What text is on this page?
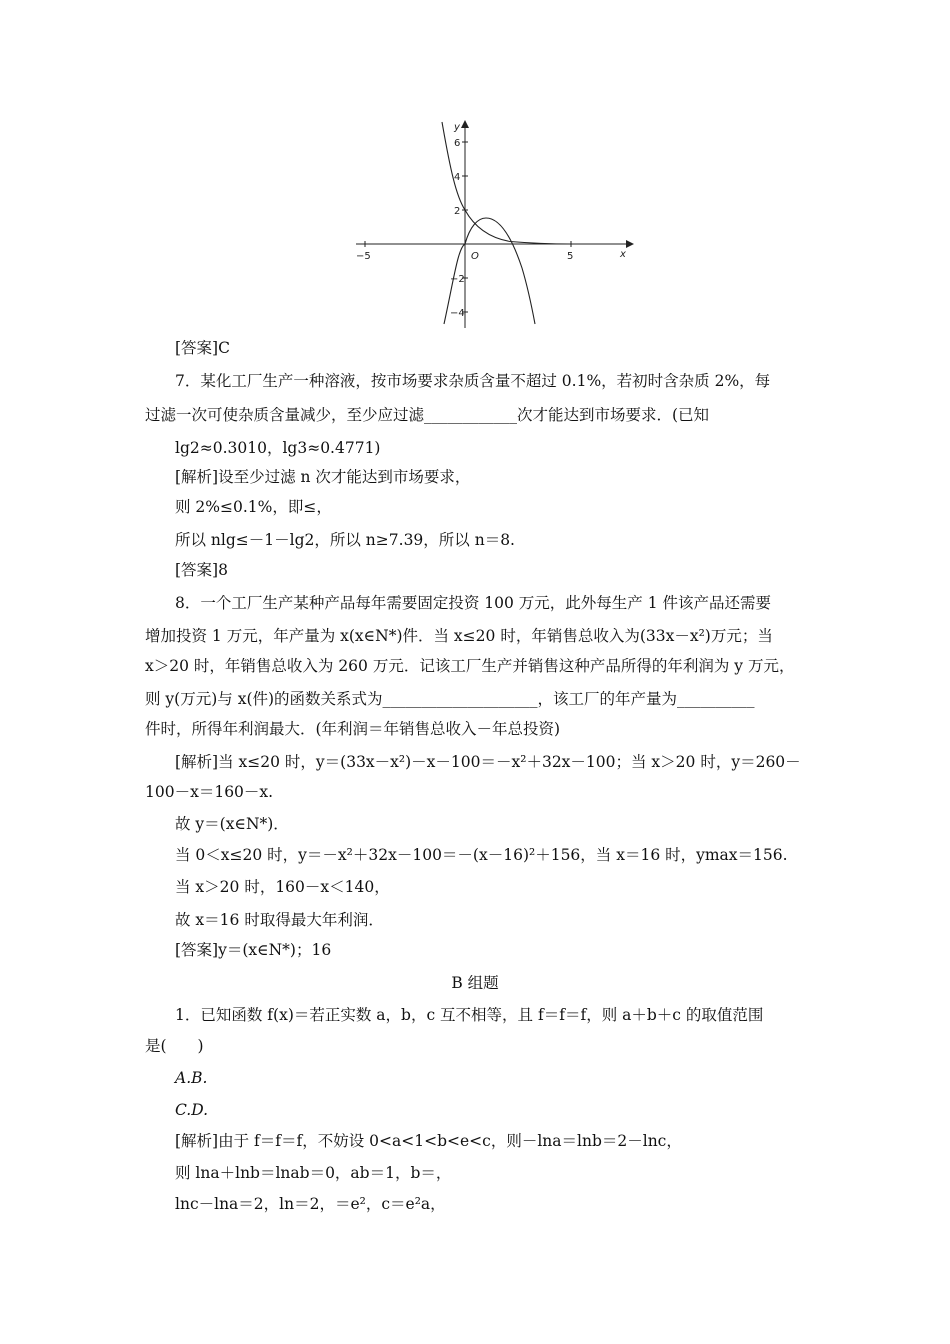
x
y
O
−5	5
6
4
2
−2
−4
[答案]C
7．某化工厂生产一种溶液，按市场要求杂质含量不超过 0.1%，若初时含杂质 2%，每
过滤一次可使杂质含量减少，至少应过滤____________次才能达到市场要求．(已知
lg2≈0.3010，lg3≈0.4771)
[解析]设至少过滤 n 次才能达到市场要求，
则 2%≤0.1%，即≤，
所以 nlg≤－1－lg2，所以 n≥7.39，所以 n＝8.
[答案]8
8．一个工厂生产某种产品每年需要固定投资 100 万元，此外每生产 1 件该产品还需要
增加投资 1 万元，年产量为 x(x∈N*)件．当 x≤20 时，年销售总收入为(33x－x²)万元；当
x＞20 时，年销售总收入为 260 万元．记该工厂生产并销售这种产品所得的年利润为 y 万元，
则 y(万元)与 x(件)的函数关系式为____________________，该工厂的年产量为__________
件时，所得年利润最大．(年利润＝年销售总收入－年总投资)
[解析]当 x≤20 时，y＝(33x－x²)－x－100＝－x²＋32x－100；当 x＞20 时，y＝260－
100－x＝160－x.
故 y＝(x∈N*)．
当 0＜x≤20 时，y＝－x²＋32x－100＝－(x－16)²＋156，当 x＝16 时，ymax＝156.
当 x＞20 时，160－x＜140，
故 x＝16 时取得最大年利润．
[答案]y＝(x∈N*)；16
B 组题
1．已知函数 f(x)＝若正实数 a，b，c 互不相等，且 f＝f＝f，则 a＋b＋c 的取值范围
是(　　)
A.B.
C.D.
[解析]由于 f＝f＝f，不妨设 0<a<1<b<e<c，则－lna＝lnb＝2－lnc，
则 lna＋lnb＝lnab＝0，ab＝1，b＝，
lnc－lna＝2，ln＝2，＝e²，c＝e²a，
